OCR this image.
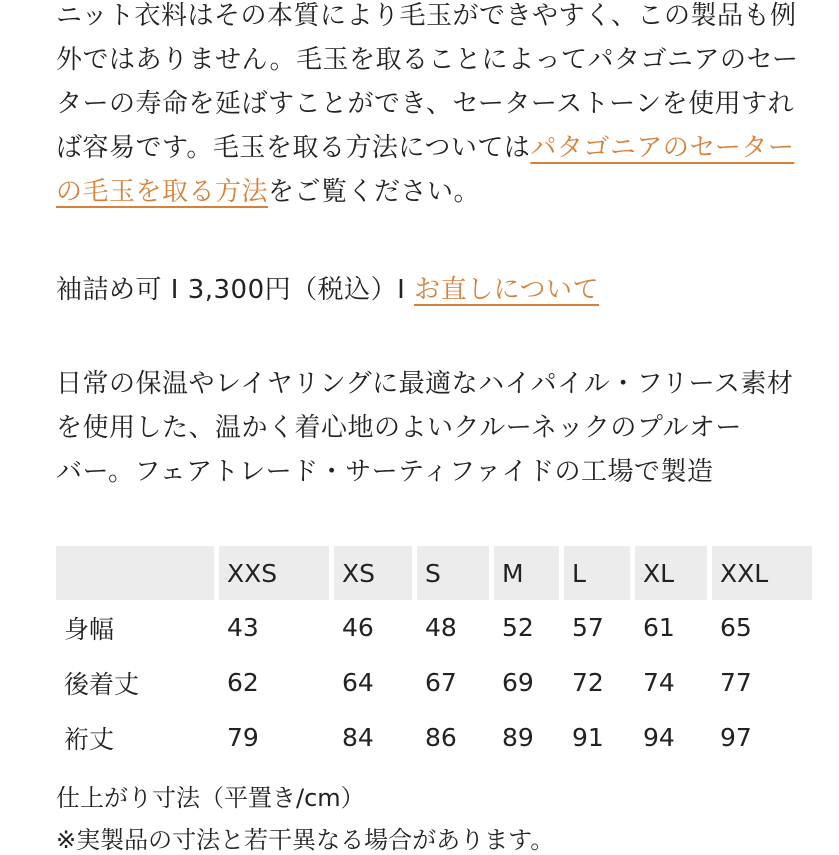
ニット衣料はその本質により毛玉ができやすく、この製品も例
外ではありません。毛玉を取ることによってパタゴニアのセー
ターの寿命を延ばすことができ、セーターストーンを使用すれ
ば容易です。毛玉を取る方法についてはパタゴニアのセーター
の毛玉を取る方法をご覧ください。
袖詰め可 I 3,300円（税込）I お直しについて
日常の保温やレイヤリングに最適なハイパイル・フリース素材
を使用した、温かく着心地のよいクルーネックのプルオー
バー。フェアトレード・サーティファイドの工場で製造
	XXS	XS	S	M	L	XL	XXL
身幅	43	46	48	52	57	61	65
後着丈	62	64	67	69	72	74	77
裄丈	79	84	86	89	91	94	97

仕上がり寸法（平置き/cm）

※実製品の寸法と若干異なる場合があります。
